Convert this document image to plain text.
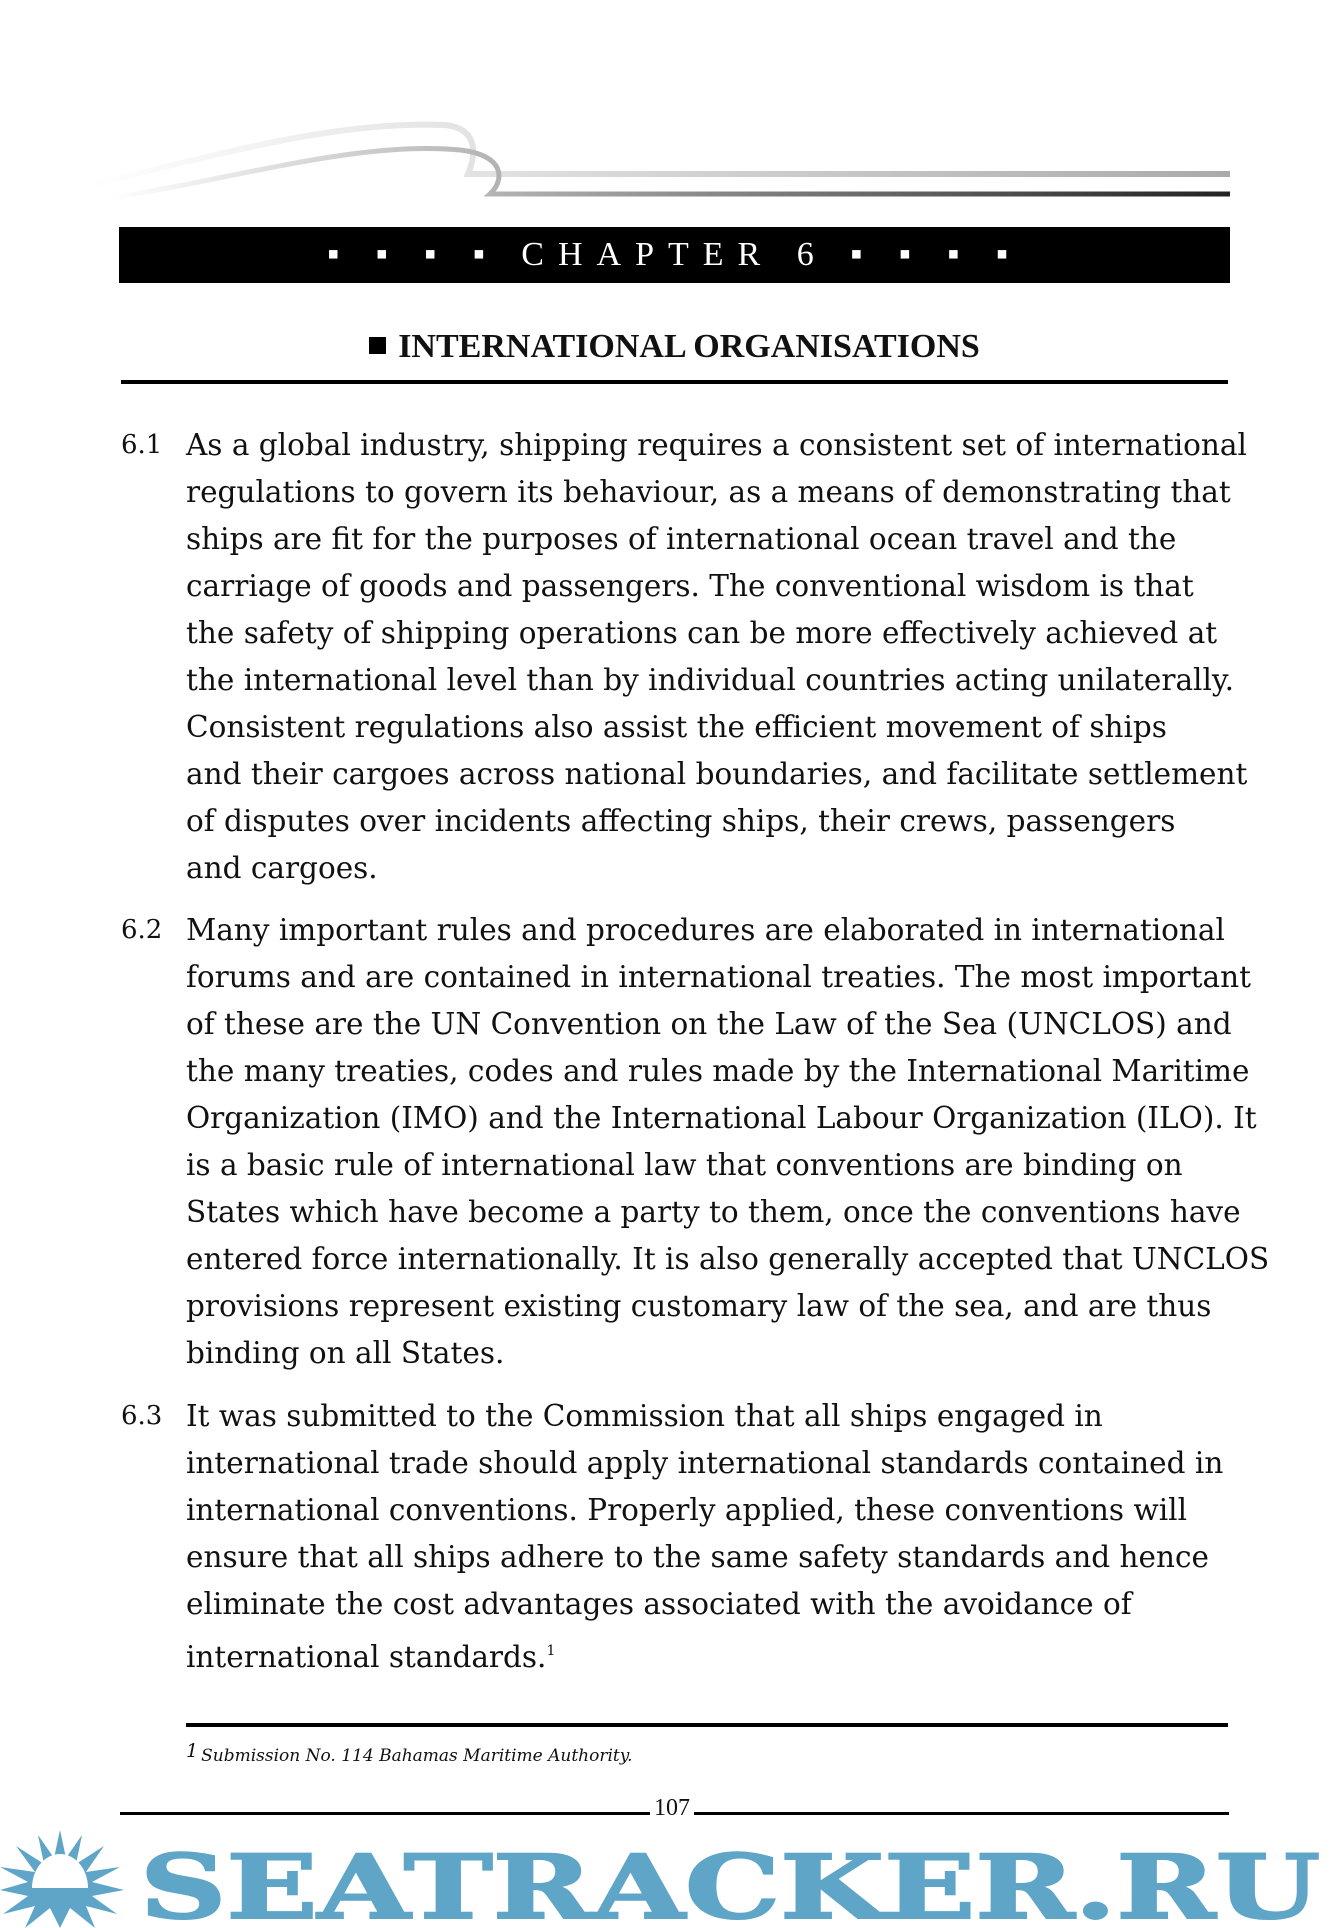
▪ ▪ ▪ ▪ CHAPTER 6 ▪ ▪ ▪ ▪
INTERNATIONAL ORGANISATIONS
6.1 As a global industry, shipping requires a consistent set of international
regulations to govern its behaviour, as a means of demonstrating that
ships are fit for the purposes of international ocean travel and the
carriage of goods and passengers. The conventional wisdom is that
the safety of shipping operations can be more effectively achieved at
the international level than by individual countries acting unilaterally.
Consistent regulations also assist the efficient movement of ships
and their cargoes across national boundaries, and facilitate settlement
of disputes over incidents affecting ships, their crews, passengers
and cargoes.
6.2 Many important rules and procedures are elaborated in international
forums and are contained in international treaties. The most important
of these are the UN Convention on the Law of the Sea (UNCLOS) and
the many treaties, codes and rules made by the International Maritime
Organization (IMO) and the International Labour Organization (ILO). It
is a basic rule of international law that conventions are binding on
States which have become a party to them, once the conventions have
entered force internationally. It is also generally accepted that UNCLOS
provisions represent existing customary law of the sea, and are thus
binding on all States.
6.3 It was submitted to the Commission that all ships engaged in
international trade should apply international standards contained in
international conventions. Properly applied, these conventions will
ensure that all ships adhere to the same safety standards and hence
eliminate the cost advantages associated with the avoidance of
international standards.$^1$
1 Submission No. 114 Bahamas Maritime Authority.
107
SEATRACKER.RU
